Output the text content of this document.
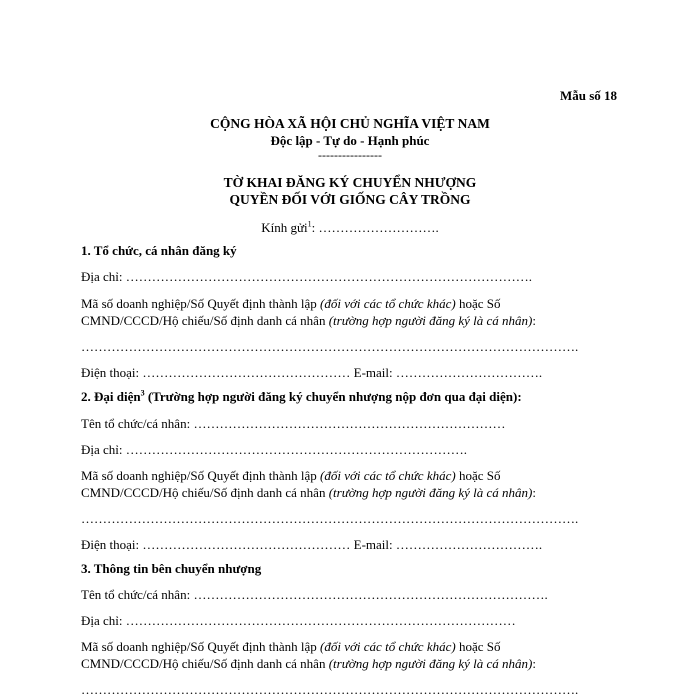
Mẫu số 18
CỘNG HÒA XÃ HỘI CHỦ NGHĨA VIỆT NAM
Độc lập - Tự do - Hạnh phúc
----------------
TỜ KHAI ĐĂNG KÝ CHUYỂN NHƯỢNG
QUYỀN ĐỐI VỚI GIỐNG CÂY TRỒNG
Kính gửi$^1$: ……………………….
1. Tổ chức, cá nhân đăng ký
Địa chỉ: ………………………………………………………………………………….
Mã số doanh nghiệp/Số Quyết định thành lập (đối với các tổ chức khác) hoặc Số
CMND/CCCD/Hộ chiếu/Số định danh cá nhân (trường hợp người đăng ký là cá nhân):
…………………………………………………………………………………………………….
Điện thoại: ………………………………………… E-mail: …………………………….
2. Đại diện$^3$ (Trường hợp người đăng ký chuyển nhượng nộp đơn qua đại diện):
Tên tổ chức/cá nhân: ………………………………………………………………
Địa chỉ: …………………………………………………………………….
Mã số doanh nghiệp/Số Quyết định thành lập (đối với các tổ chức khác) hoặc Số
CMND/CCCD/Hộ chiếu/Số định danh cá nhân (trường hợp người đăng ký là cá nhân):
…………………………………………………………………………………………………….
Điện thoại: ………………………………………… E-mail: …………………………….
3. Thông tin bên chuyển nhượng
Tên tổ chức/cá nhân: ……………………………………………………………………….
Địa chỉ: ………………………………………………………………………………
Mã số doanh nghiệp/Số Quyết định thành lập (đối với các tổ chức khác) hoặc Số
CMND/CCCD/Hộ chiếu/Số định danh cá nhân (trường hợp người đăng ký là cá nhân):
…………………………………………………………………………………………………….
